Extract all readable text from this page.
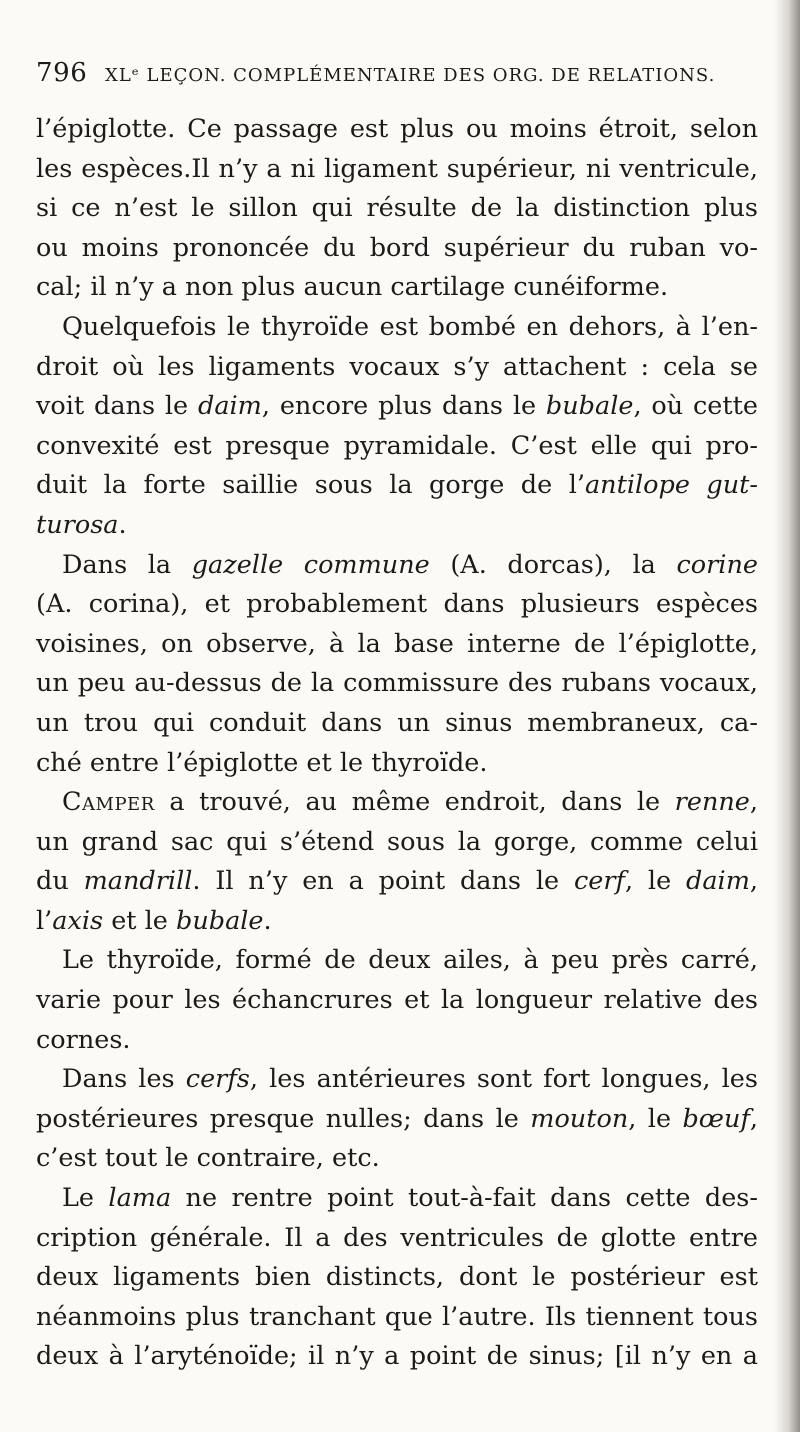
796 XLᵉ LEÇON. COMPLÉMENTAIRE DES ORG. DE RELATIONS.
l’épiglotte. Ce passage est plus ou moins étroit, selon
les espèces.Il n’y a ni ligament supérieur, ni ventricule,
si ce n’est le sillon qui résulte de la distinction plus
ou moins prononcée du bord supérieur du ruban vo-
cal; il n’y a non plus aucun cartilage cunéiforme.
Quelquefois le thyroïde est bombé en dehors, à l’en-
droit où les ligaments vocaux s’y attachent : cela se
voit dans le daim, encore plus dans le bubale, où cette
convexité est presque pyramidale. C’est elle qui pro-
duit la forte saillie sous la gorge de l’antilope gut-
turosa.
Dans la gazelle commune (A. dorcas), la corine
(A. corina), et probablement dans plusieurs espèces
voisines, on observe, à la base interne de l’épiglotte,
un peu au-dessus de la commissure des rubans vocaux,
un trou qui conduit dans un sinus membraneux, ca-
ché entre l’épiglotte et le thyroïde.
Camper a trouvé, au même endroit, dans le renne,
un grand sac qui s’étend sous la gorge, comme celui
du mandrill. Il n’y en a point dans le cerf, le daim,
l’axis et le bubale.
Le thyroïde, formé de deux ailes, à peu près carré,
varie pour les échancrures et la longueur relative des
cornes.
Dans les cerfs, les antérieures sont fort longues, les
postérieures presque nulles; dans le mouton, le bœuf,
c’est tout le contraire, etc.
Le lama ne rentre point tout-à-fait dans cette des-
cription générale. Il a des ventricules de glotte entre
deux ligaments bien distincts, dont le postérieur est
néanmoins plus tranchant que l’autre. Ils tiennent tous
deux à l’aryténoïde; il n’y a point de sinus; [il n’y en a
